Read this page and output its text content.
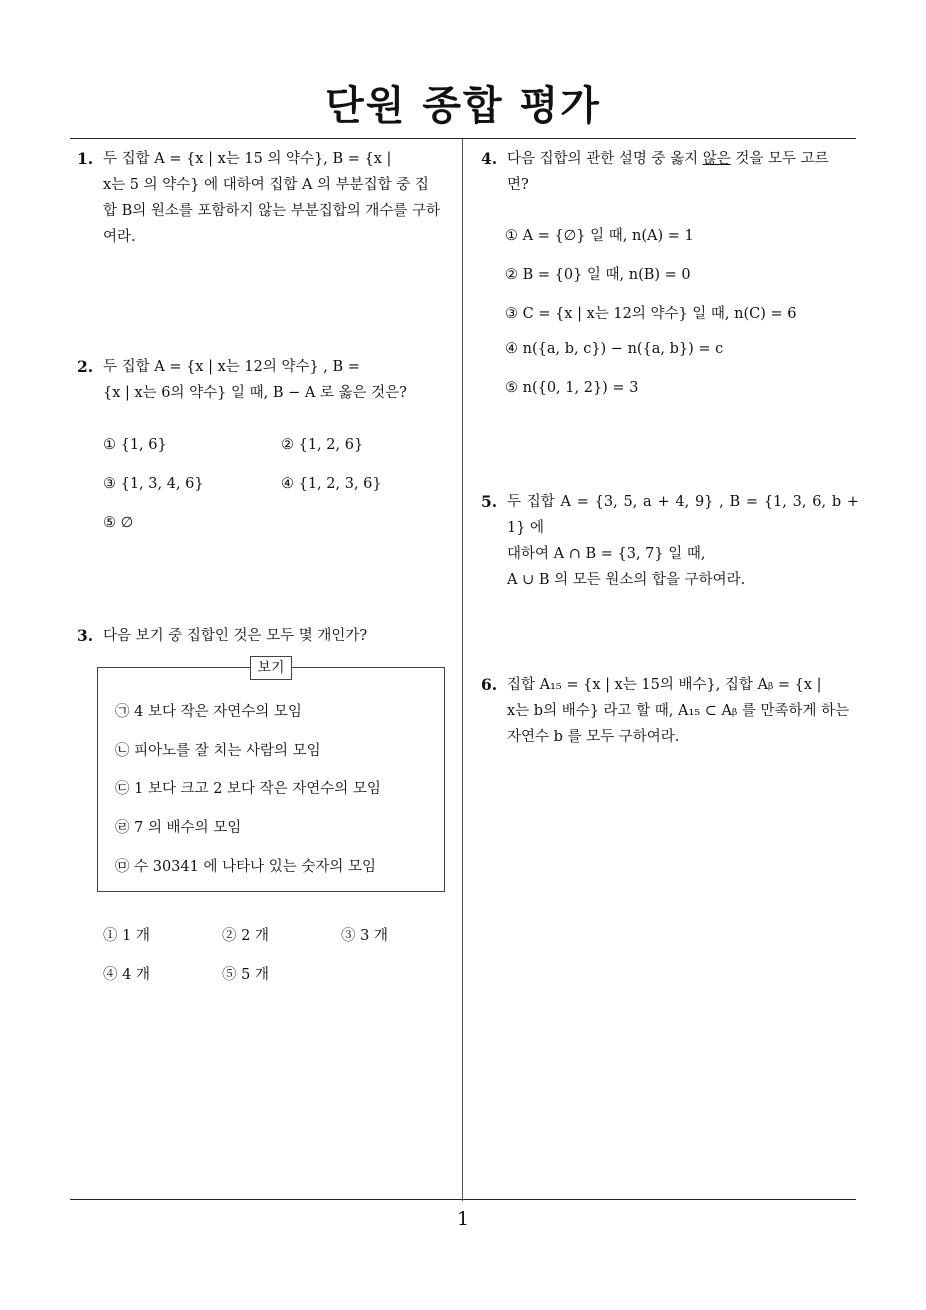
단원 종합 평가
1
1. 두 집합 A = {x | x는 15 의 약수}, B = {x |
x는 5 의 약수} 에 대하여 집합 A 의 부분집합 중 집
합 B의 원소를 포함하지 않는 부분집합의 개수를 구하
여라.
2. 두 집합 A = {x | x는 12의 약수} , B =
{x | x는 6의 약수} 일 때, B − A 로 옳은 것은?
① {1, 6}	② {1, 2, 6}
③ {1, 3, 4, 6}	④ {1, 2, 3, 6}
⑤ ∅
3. 다음 보기 중 집합인 것은 모두 몇 개인가?
보기
㉠ 4 보다 작은 자연수의 모임
㉡ 피아노를 잘 치는 사람의 모임
㉢ 1 보다 크고 2 보다 작은 자연수의 모임
㉣ 7 의 배수의 모임
㉤ 수 30341 에 나타나 있는 숫자의 모임
① 1 개	② 2 개	③ 3 개
④ 4 개	⑤ 5 개
4. 다음 집합의 관한 설명 중 옳지 않은 것을 모두 고르
면?
① A = {∅} 일 때, n(A) = 1
② B = {0} 일 때, n(B) = 0
③ C = {x | x는 12의 약수} 일 때, n(C) = 6
④ n({a, b, c}) − n({a, b}) = c
⑤ n({0, 1, 2}) = 3
5. 두 집합 A = {3, 5, a + 4, 9} , B = {1, 3, 6, b + 1} 에
대하여 A ∩ B = {3, 7} 일 때,
A ∪ B 의 모든 원소의 합을 구하여라.
6. 집합 A₁₅ = {x | x는 15의 배수}, 집합 Aᵦ = {x |
x는 b의 배수} 라고 할 때, A₁₅ ⊂ Aᵦ 를 만족하게 하는
자연수 b 를 모두 구하여라.
